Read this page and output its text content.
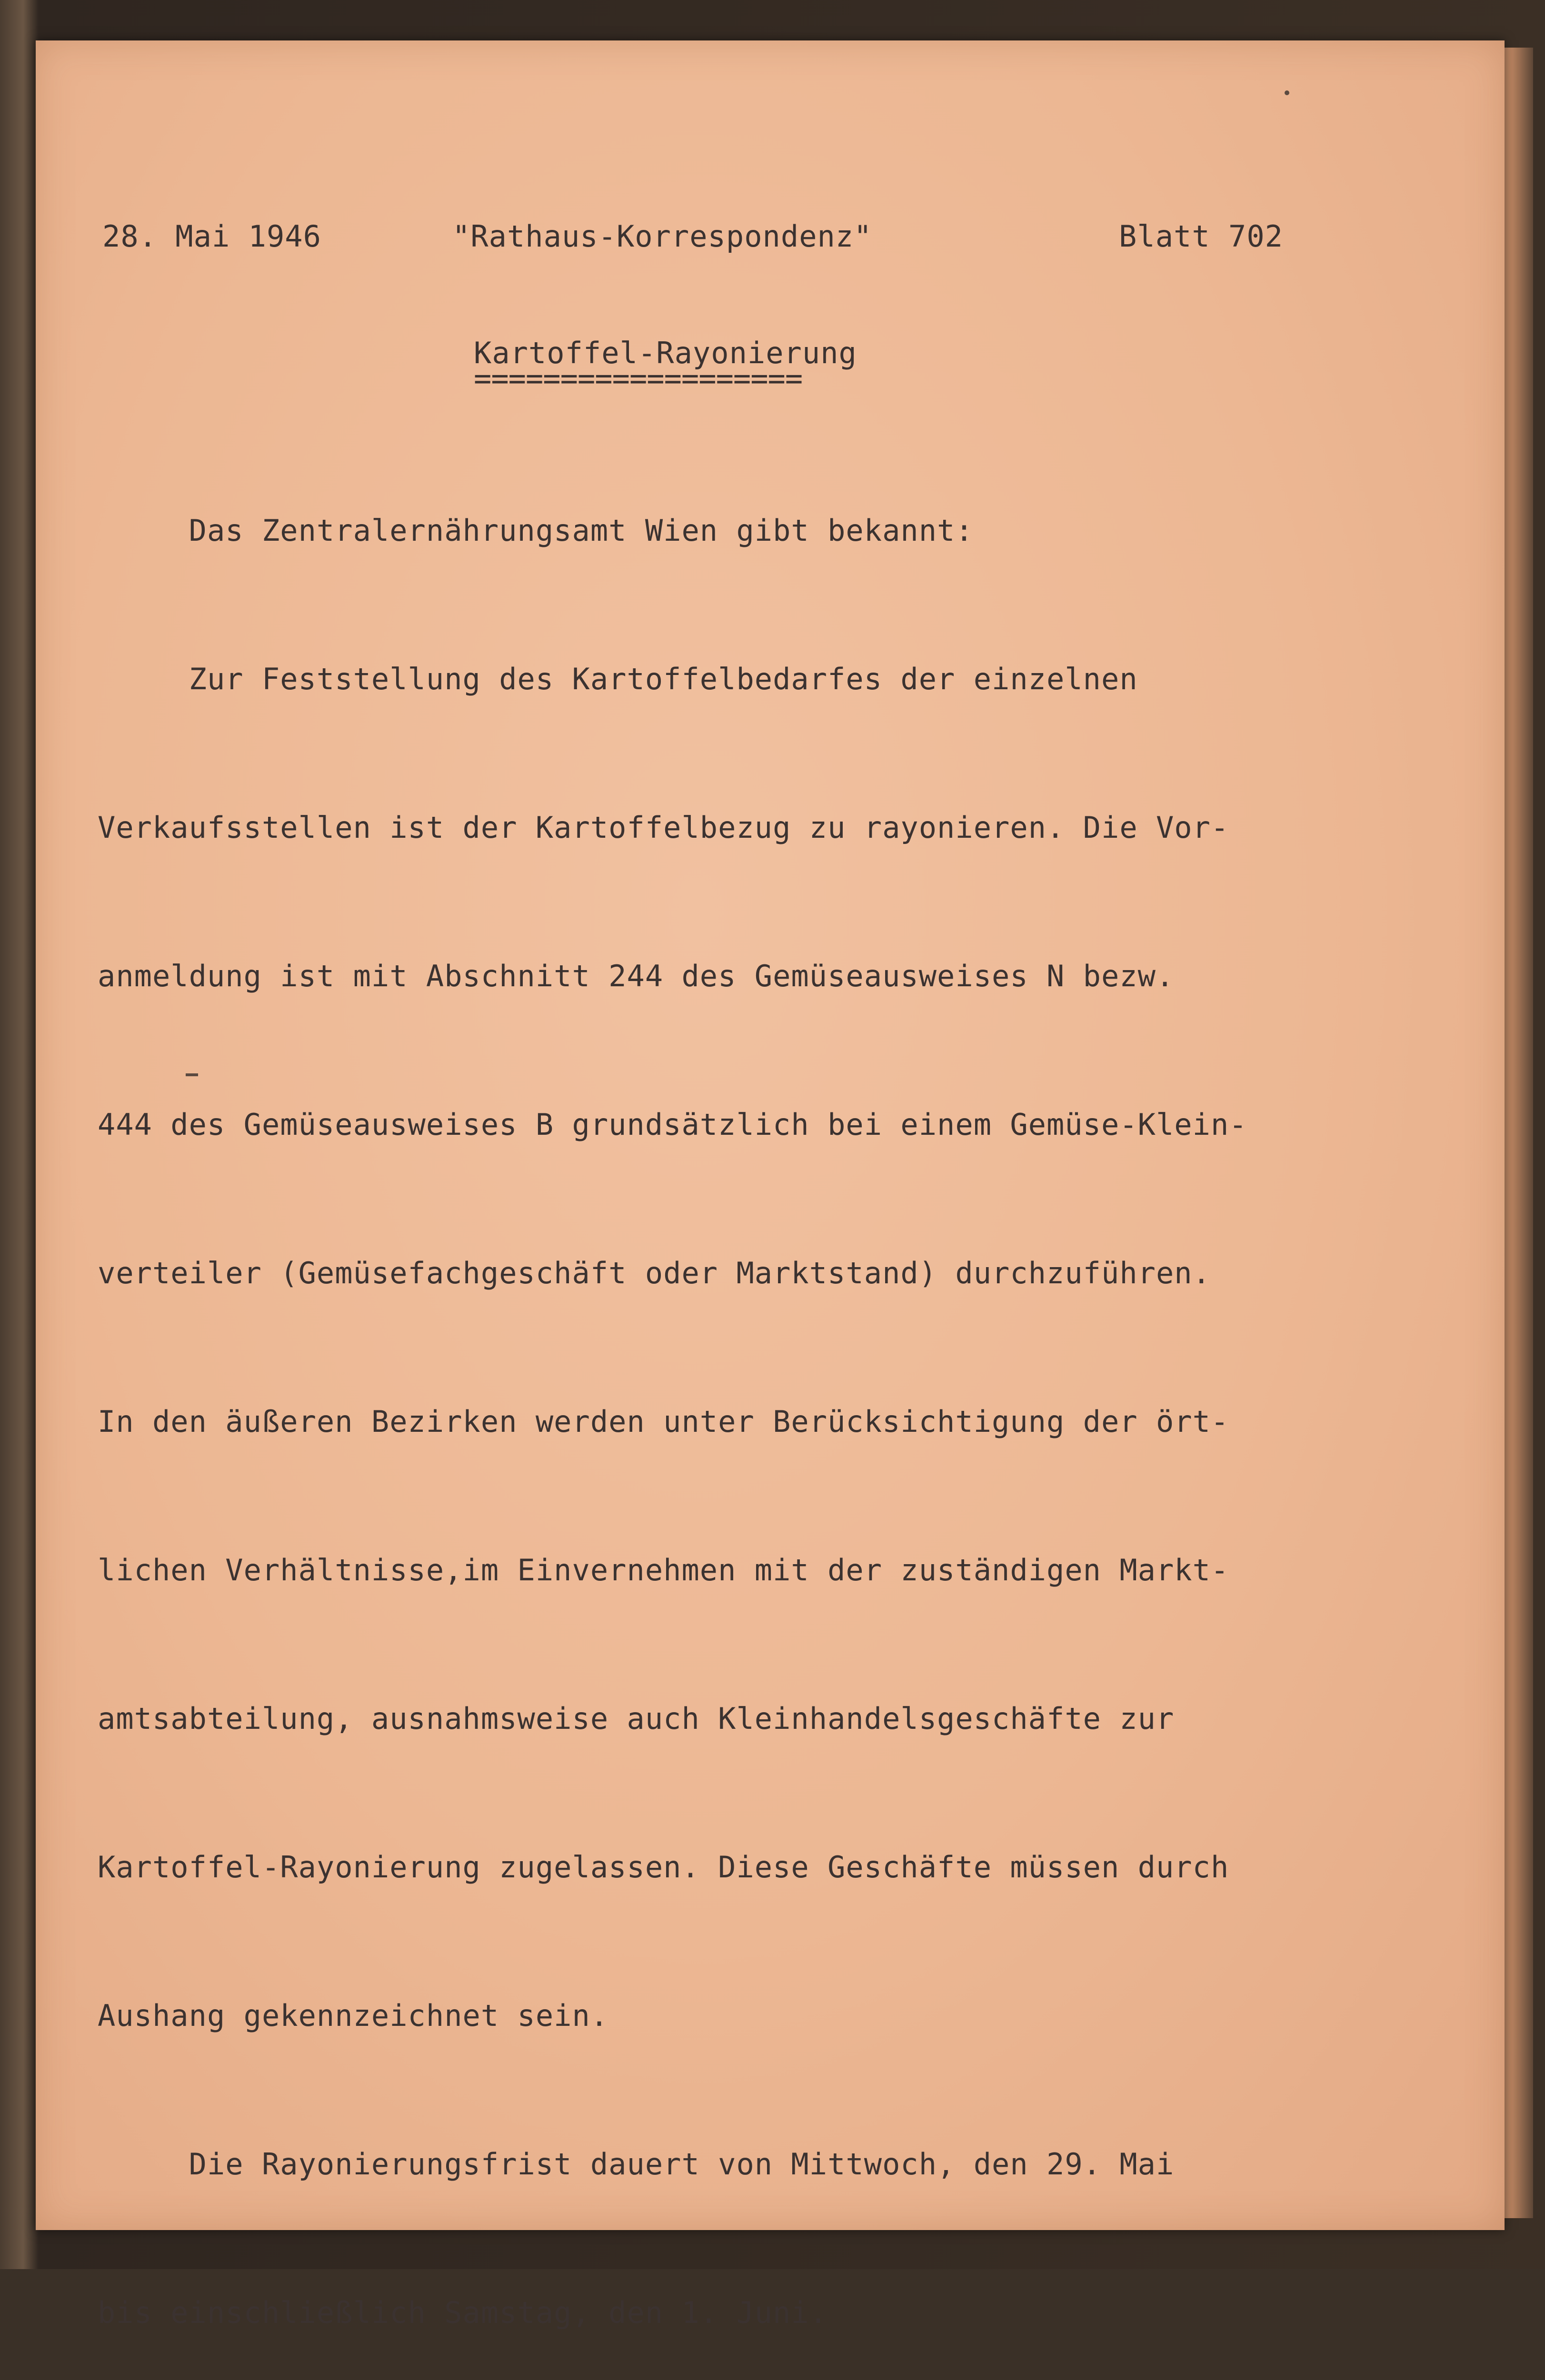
28. Mai 1946

	"Rathaus-Korrespondenz"

	Blatt 702

Kartoffel-Rayonierung
===================

Das Zentralernährungsamt Wien gibt bekannt:

Zur Feststellung des Kartoffelbedarfes der einzelnen

Verkaufsstellen ist der Kartoffelbezug zu rayonieren. Die Vor-

anmeldung ist mit Abschnitt 244 des Gemüseausweises N bezw.

444 des Gemüseausweises B grundsätzlich bei einem Gemüse-Klein-

verteiler (Gemüsefachgeschäft oder Marktstand) durchzuführen.

In den äußeren Bezirken werden unter Berücksichtigung der ört-

lichen Verhältnisse,im Einvernehmen mit der zuständigen Markt-

amtsabteilung, ausnahmsweise auch Kleinhandelsgeschäfte zur

Kartoffel-Rayonierung zugelassen. Diese Geschäfte müssen durch

Aushang gekennzeichnet sein.

Die Rayonierungsfrist dauert von Mittwoch, den 29. Mai

bis einschließlich Samstag, den 1. Juni.
